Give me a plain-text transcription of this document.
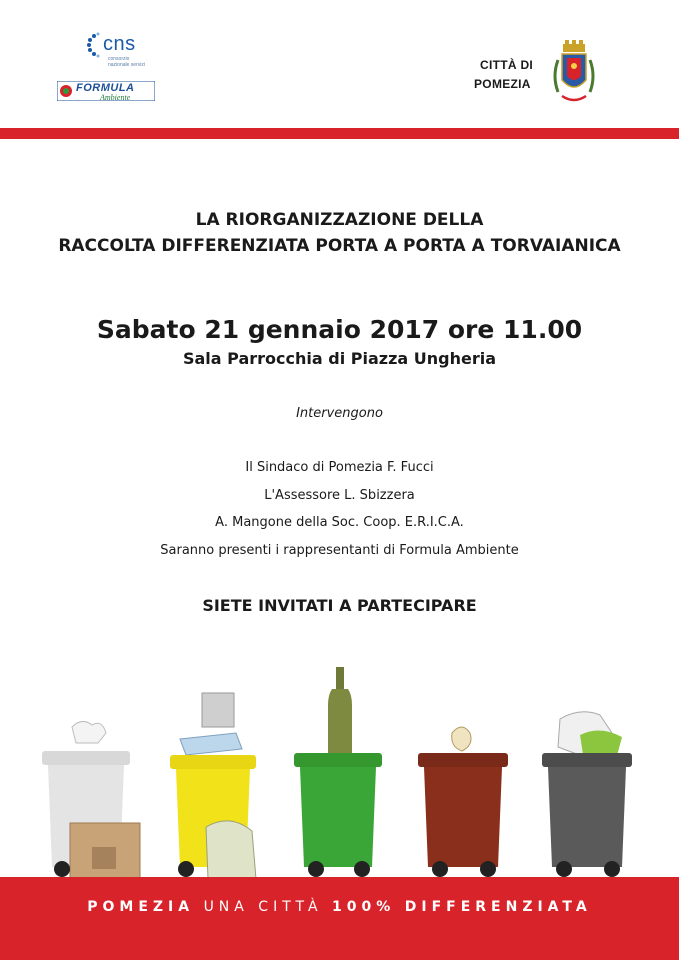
cns
consorzio nazionale servizi
FORMULA
Ambiente
CITTÀ DI
POMEZIA
LA RIORGANIZZAZIONE DELLA
RACCOLTA DIFFERENZIATA PORTA A PORTA A TORVAIANICA
Sabato 21 gennaio 2017 ore 11.00
Sala Parrocchia di Piazza Ungheria
Intervengono
Il Sindaco di Pomezia F. Fucci
L'Assessore L. Sbizzera
A. Mangone della Soc. Coop. E.R.I.C.A.
Saranno presenti i rappresentanti di Formula Ambiente
SIETE INVITATI A PARTECIPARE
POMEZIA UNA CITTÀ 100% DIFFERENZIATA
